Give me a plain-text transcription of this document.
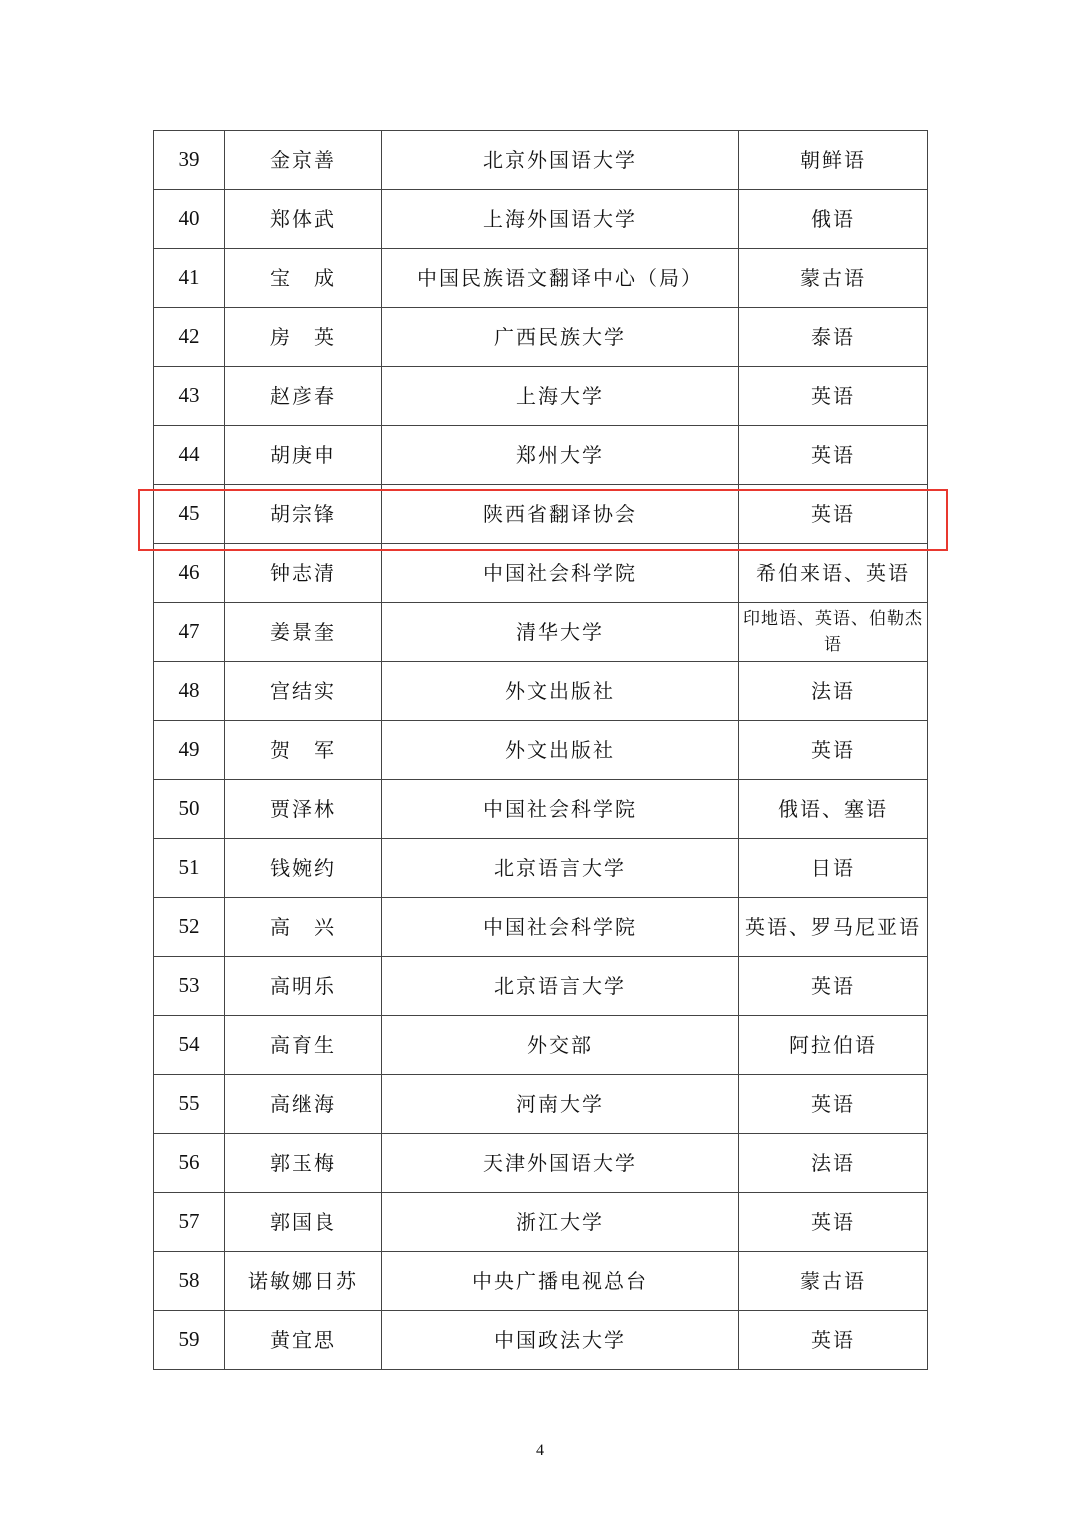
39	金京善	北京外国语大学	朝鲜语
40	郑体武	上海外国语大学	俄语
41	宝　成	中国民族语文翻译中心（局）	蒙古语
42	房　英	广西民族大学	泰语
43	赵彦春	上海大学	英语
44	胡庚申	郑州大学	英语
45	胡宗锋	陕西省翻译协会	英语
46	钟志清	中国社会科学院	希伯来语、英语
47	姜景奎	清华大学	印地语、英语、伯勒杰语
48	宫结实	外文出版社	法语
49	贺　军	外文出版社	英语
50	贾泽林	中国社会科学院	俄语、塞语
51	钱婉约	北京语言大学	日语
52	高　兴	中国社会科学院	英语、罗马尼亚语
53	高明乐	北京语言大学	英语
54	高育生	外交部	阿拉伯语
55	高继海	河南大学	英语
56	郭玉梅	天津外国语大学	法语
57	郭国良	浙江大学	英语
58	诺敏娜日苏	中央广播电视总台	蒙古语
59	黄宜思	中国政法大学	英语
4
